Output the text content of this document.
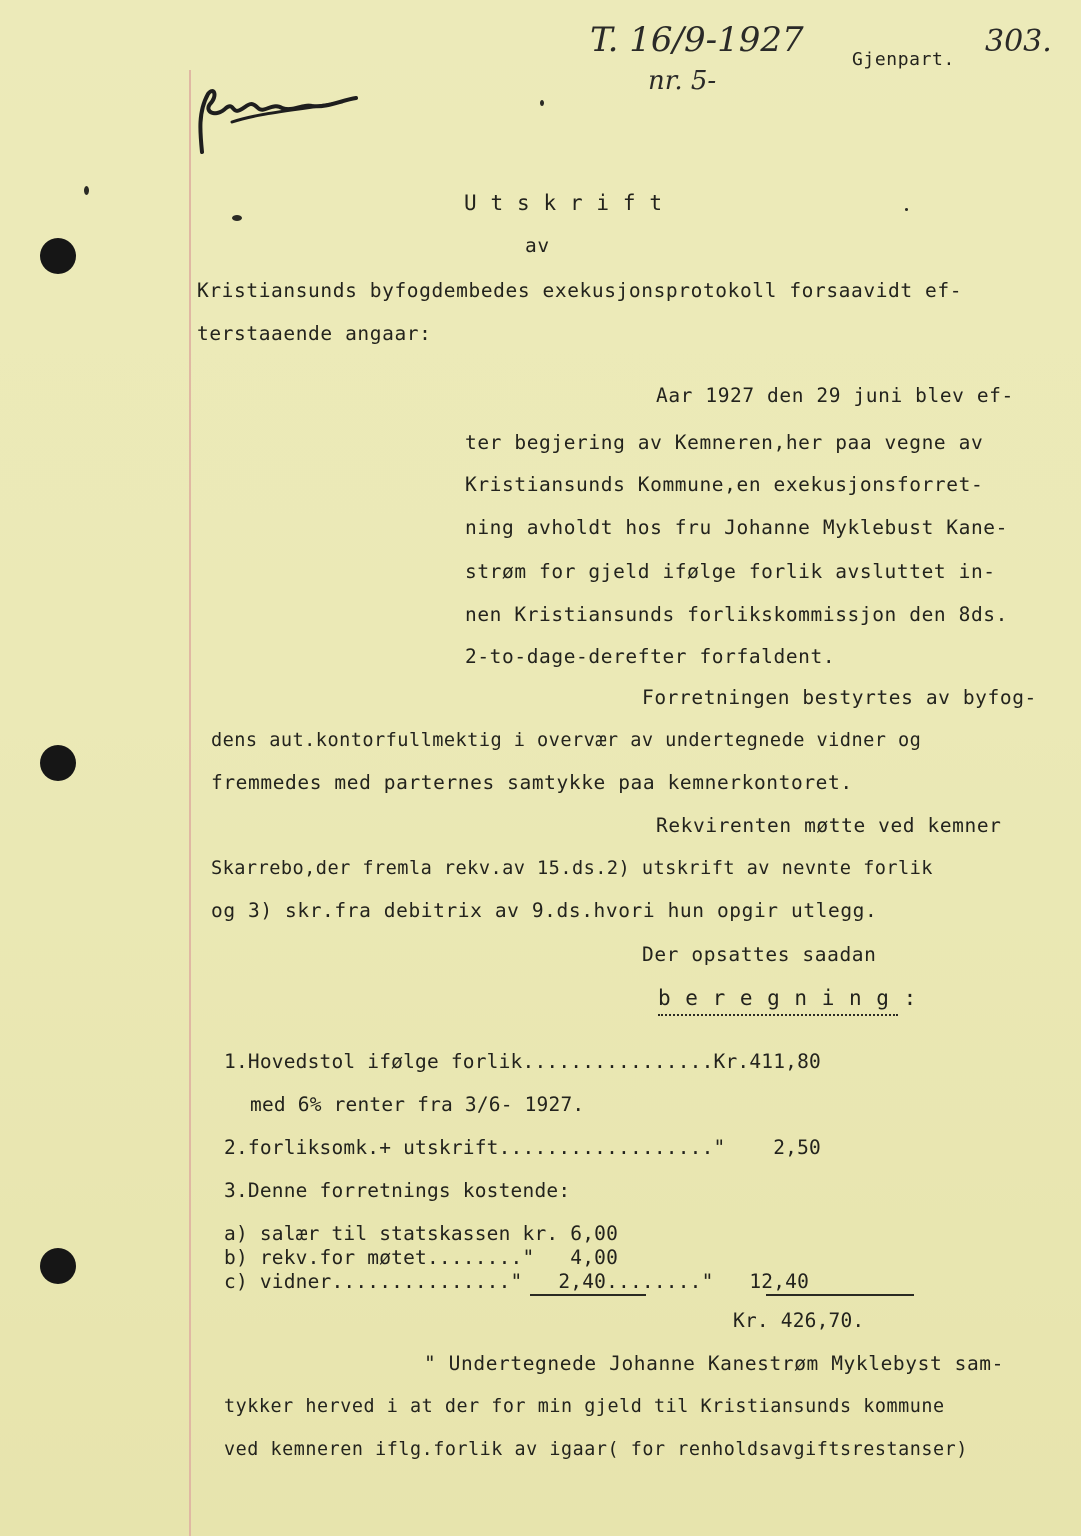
T. 16/9-1927
nr. 5-
Gjenpart.
303.
U t s k r i f t
av
Kristiansunds byfogdembedes exekusjonsprotokoll forsaavidt ef-
terstaaende angaar:
Aar 1927 den 29 juni blev ef-
ter begjering av Kemneren,her paa vegne av
Kristiansunds Kommune,en exekusjonsforret-
ning avholdt hos fru Johanne Myklebust Kane-
strøm for gjeld ifølge forlik avsluttet in-
nen Kristiansunds forlikskommissjon den 8ds.
2-to-dage-derefter forfaldent.
Forretningen bestyrtes av byfog-
dens aut.kontorfullmektig i overvær av undertegnede vidner og
fremmedes med parternes samtykke paa kemnerkontoret.
Rekvirenten møtte ved kemner
Skarrebo,der fremla rekv.av 15.ds.2) utskrift av nevnte forlik
og 3) skr.fra debitrix av 9.ds.hvori hun opgir utlegg.
Der opsattes saadan
b e r e g n i n g :
1.Hovedstol ifølge forlik................Kr.411,80
med 6% renter fra 3/6- 1927.
2.forliksomk.+ utskrift.................."    2,50
3.Denne forretnings kostende:
a) salær til statskassen kr. 6,00
b) rekv.for møtet........"   4,00
c) vidner..............."   2,40........"   12,40
Kr. 426,70.
" Undertegnede Johanne Kanestrøm Myklebyst sam-
tykker herved i at der for min gjeld til Kristiansunds kommune
ved kemneren iflg.forlik av igaar( for renholdsavgiftsrestanser)
